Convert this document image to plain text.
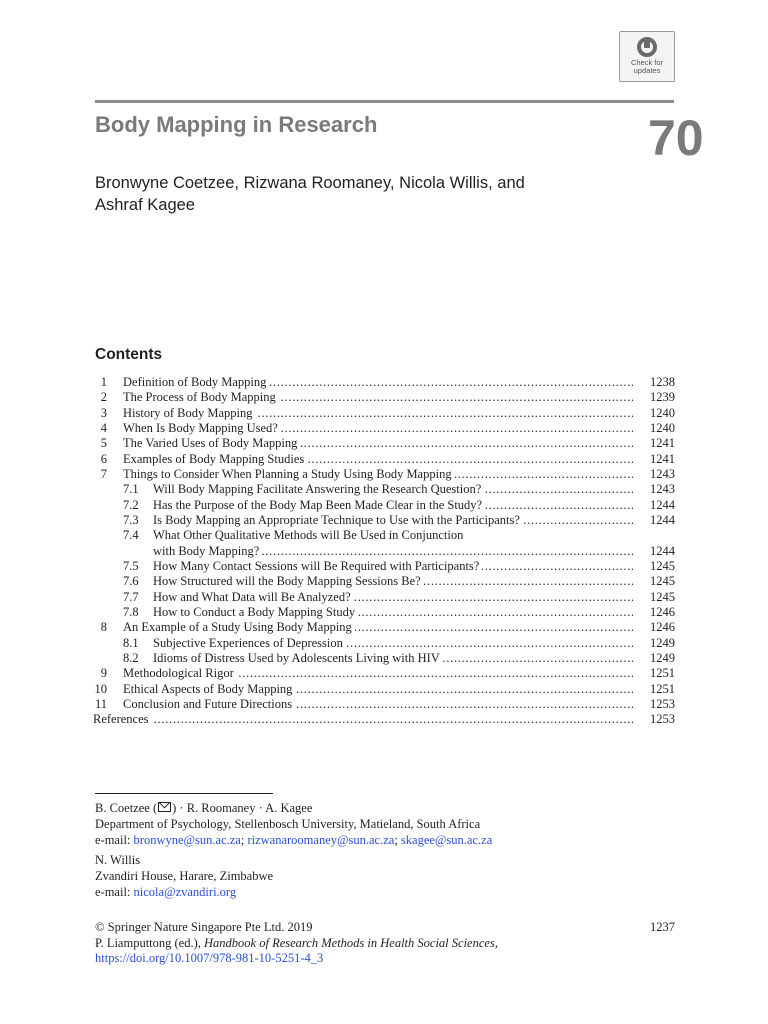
Check for
updates
Body Mapping in Research	70
Bronwyne Coetzee, Rizwana Roomaney, Nicola Willis, and
Ashraf Kagee
Contents
1 Definition of Body Mapping . . .	1238
2 The Process of Body Mapping . . .	1239
3 History of Body Mapping . . .	1240
4 When Is Body Mapping Used? . . .	1240
5 The Varied Uses of Body Mapping . . .	1241
6 Examples of Body Mapping Studies . . .	1241
7 Things to Consider When Planning a Study Using Body Mapping . . .	1243
7.1 Will Body Mapping Facilitate Answering the Research Question? . . .	1243
7.2 Has the Purpose of the Body Map Been Made Clear in the Study? . . .	1244
7.3 Is Body Mapping an Appropriate Technique to Use with the Participants? . . .	1244
7.4 What Other Qualitative Methods will Be Used in Conjunction
with Body Mapping? . . .	1244
7.5 How Many Contact Sessions will Be Required with Participants? . . .	1245
7.6 How Structured will the Body Mapping Sessions Be? . . .	1245
7.7 How and What Data will Be Analyzed? . . .	1245
7.8 How to Conduct a Body Mapping Study . . .	1246
8 An Example of a Study Using Body Mapping . . .	1246
8.1 Subjective Experiences of Depression . . .	1249
8.2 Idioms of Distress Used by Adolescents Living with HIV . . .	1249
9 Methodological Rigor . . .	1251
10 Ethical Aspects of Body Mapping . . .	1251
11 Conclusion and Future Directions . . .	1253
References . . .	1253
B. Coetzee ( ) · R. Roomaney · A. Kagee
Department of Psychology, Stellenbosch University, Matieland, South Africa
e-mail: bronwyne@sun.ac.za; rizwanaroomaney@sun.ac.za; skagee@sun.ac.za
N. Willis
Zvandiri House, Harare, Zimbabwe
e-mail: nicola@zvandiri.org
© Springer Nature Singapore Pte Ltd. 2019	1237

P. Liamputtong (ed.), Handbook of Research Methods in Health Social Sciences,
https://doi.org/10.1007/978-981-10-5251-4_3
